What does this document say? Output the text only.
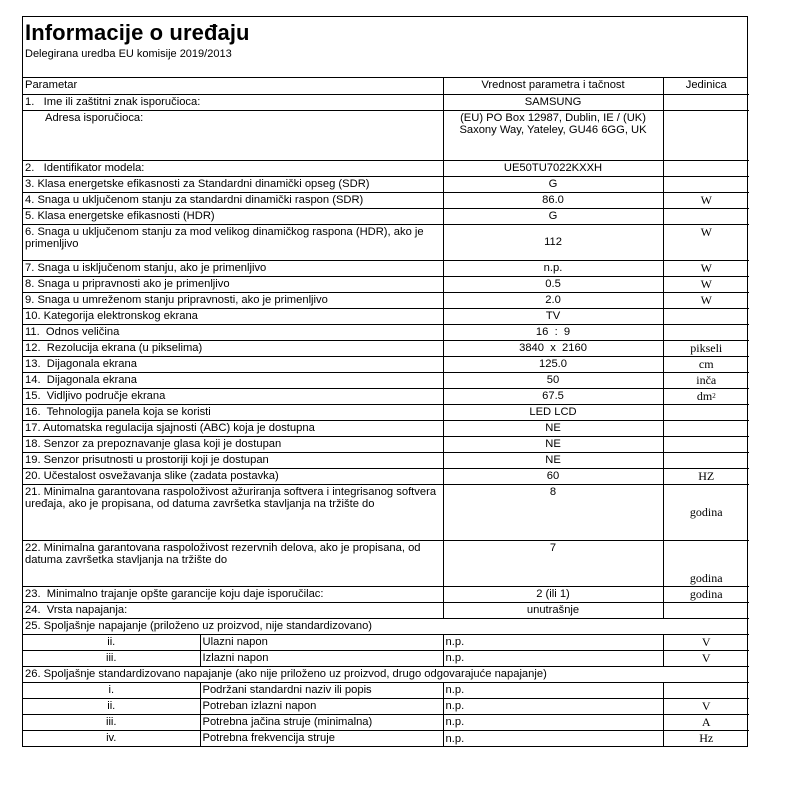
Informacije o uređaju
Delegirana uredba EU komisije 2019/2013
Parametar		Vrednost parametra i tačnost	Jedinica
1. Ime ili zaštitni znak isporučioca:		SAMSUNG	
Adresa isporučioca:		(EU) PO Box 12987, Dublin, IE / (UK) Saxony Way, Yateley, GU46 6GG, UK	
2. Identifikator modela:		UE50TU7022KXXH	
3. Klasa energetske efikasnosti za Standardni dinamički opseg (SDR)		G	
4. Snaga u uključenom stanju za standardni dinamički raspon (SDR)		86.0	W
5. Klasa energetske efikasnosti (HDR)		G	
6. Snaga u uključenom stanju za mod velikog dinamičkog raspona (HDR), ako je primenljivo		112	W
7. Snaga u isključenom stanju, ako je primenljivo		n.p.	W
8. Snaga u pripravnosti ako je primenljivo		0.5	W
9. Snaga u umreženom stanju pripravnosti, ako je primenljivo		2.0	W
10. Kategorija elektronskog ekrana		TV	
11.  Odnos veličina		16  :  9	
12.  Rezolucija ekrana (u pikselima)		3840  x  2160	pikseli
13.  Dijagonala ekrana		125.0	cm
14.  Dijagonala ekrana		50	inča
15.  Vidljivo područje ekrana		67.5	$dm^2$
16.  Tehnologija panela koja se koristi		LED LCD	
17. Automatska regulacija sjajnosti (ABC) koja je dostupna		NE	
18. Senzor za prepoznavanje glasa koji je dostupan		NE	
19. Senzor prisutnosti u prostoriji koji je dostupan		NE	
20. Učestalost osvežavanja slike (zadata postavka)		60	HZ
21. Minimalna garantovana raspoloživost ažuriranja softvera i integrisanog softvera uređaja, ako je propisana, od datuma završetka stavljanja na tržište do		8	godina
22. Minimalna garantovana raspoloživost rezervnih delova, ako je propisana, od datuma završetka stavljanja na tržište do		7	godina
23.  Minimalno trajanje opšte garancije koju daje isporučilac:		2 (ili 1)	godina
24.  Vrsta napajanja:		unutrašnje	
25. Spoljašnje napajanje (priloženo uz proizvod, nije standardizovano)			
ii.	Ulazni napon	n.p.	V
iii.	Izlazni napon	n.p.	V
26. Spoljašnje standardizovano napajanje (ako nije priloženo uz proizvod, drugo odgovarajuće napajanje)			
i.	Podržani standardni naziv ili popis	n.p.	
ii.	Potreban izlazni napon	n.p.	V
iii.	Potrebna jačina struje (minimalna)	n.p.	A
iv.	Potrebna frekvencija struje	n.p.	Hz
